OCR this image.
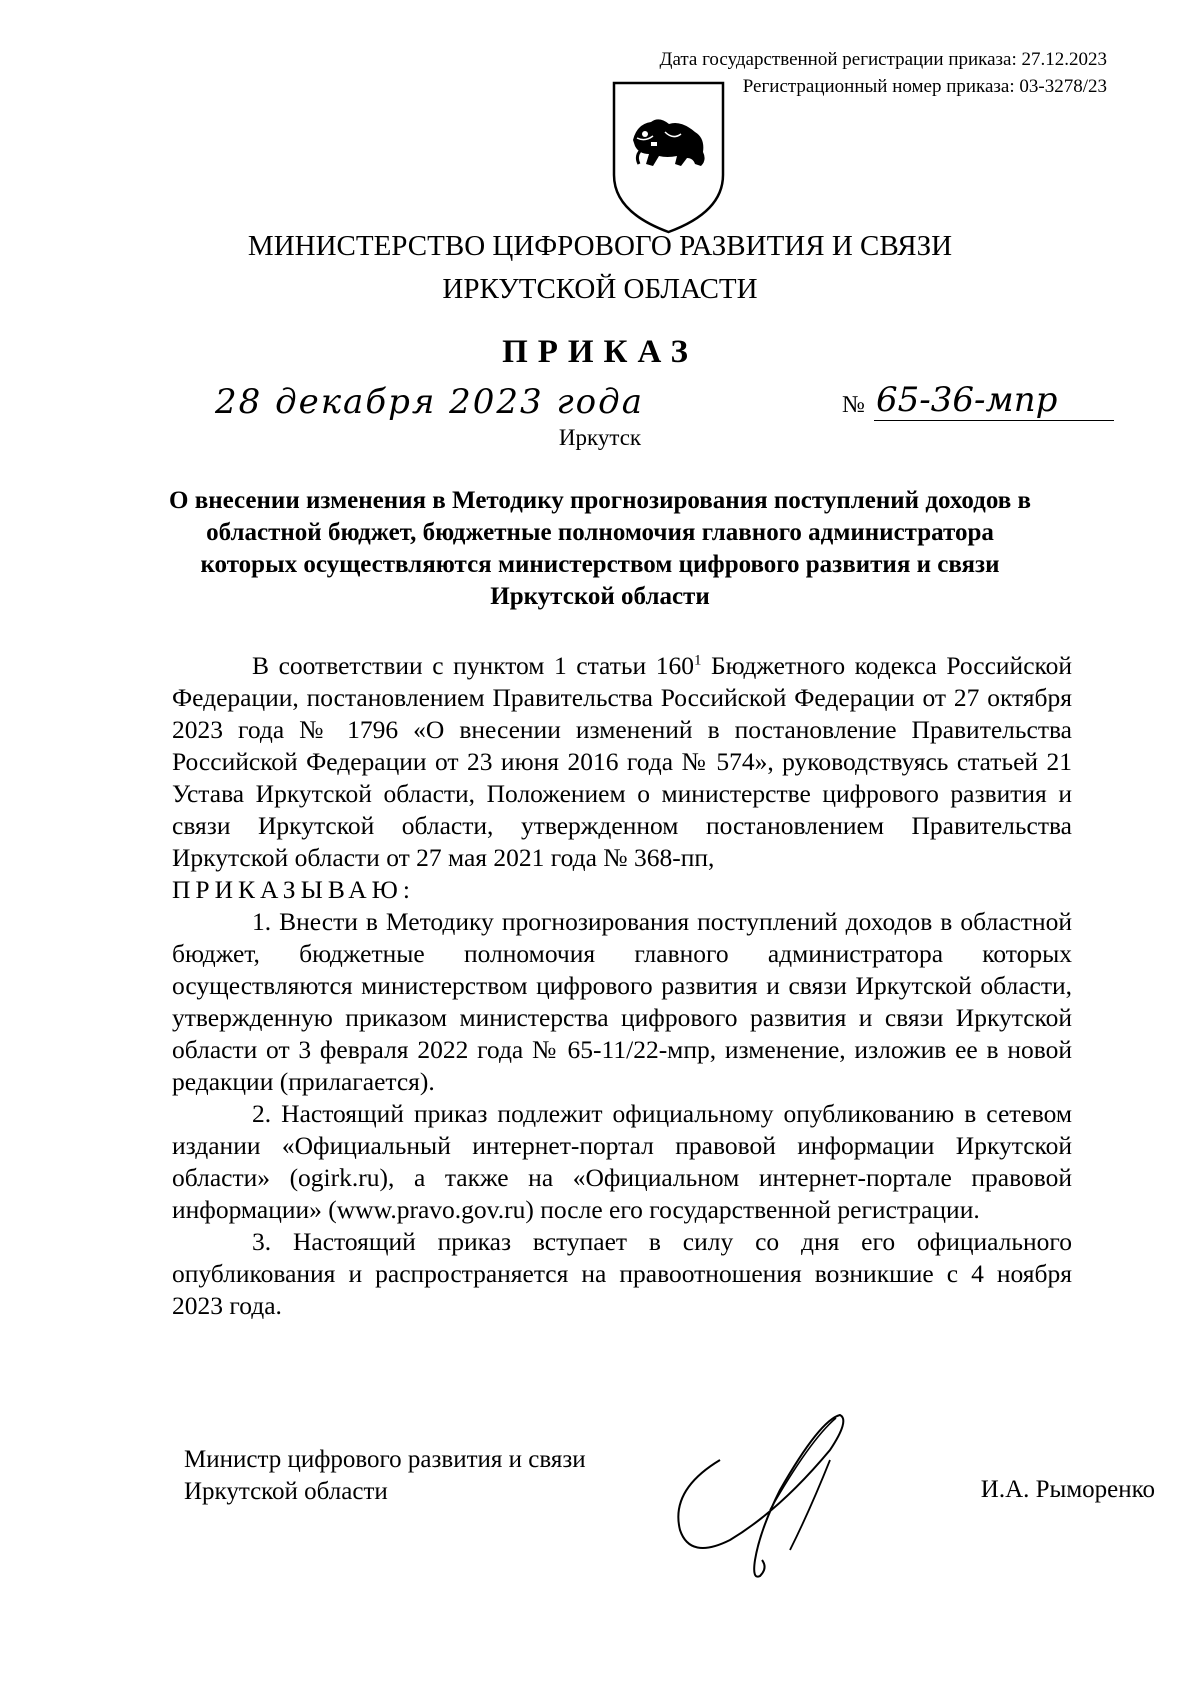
Дата государственной регистрации приказа: 27.12.2023
Регистрационный номер приказа: 03-3278/23
МИНИСТЕРСТВО ЦИФРОВОГО РАЗВИТИЯ И СВЯЗИ
ИРКУТСКОЙ ОБЛАСТИ
ПРИКАЗ
28 декабря 2023 года	№ 65-36-мпр
Иркутск
О внесении изменения в Методику прогнозирования поступлений доходов в областной бюджет, бюджетные полномочия главного администратора которых осуществляются министерством цифрового развития и связи Иркутской области

В соответствии с пунктом 1 статьи $160^1$ Бюджетного кодекса Российской Федерации, постановлением Правительства Российской Федерации от 27 октября 2023 года № 1796 «О внесении изменений в постановление Правительства Российской Федерации от 23 июня 2016 года № 574», руководствуясь статьей 21 Устава Иркутской области, Положением о министерстве цифрового развития и связи Иркутской области, утвержденном постановлением Правительства Иркутской области от 27 мая 2021 года № 368-пп,

ПРИКАЗЫВАЮ:

1. Внести в Методику прогнозирования поступлений доходов в областной бюджет, бюджетные полномочия главного администратора которых осуществляются министерством цифрового развития и связи Иркутской области, утвержденную приказом министерства цифрового развития и связи Иркутской области от 3 февраля 2022 года № 65-11/22-мпр, изменение, изложив ее в новой редакции (прилагается).

2. Настоящий приказ подлежит официальному опубликованию в сетевом издании «Официальный интернет-портал правовой информации Иркутской области» (ogirk.ru), а также на «Официальном интернет-портале правовой информации» (www.pravo.gov.ru) после его государственной регистрации.

3. Настоящий приказ вступает в силу со дня его официального опубликования и распространяется на правоотношения возникшие с 4 ноября 2023 года.

Министр цифрового развития и связи
Иркутской области	И.А. Рыморенко
